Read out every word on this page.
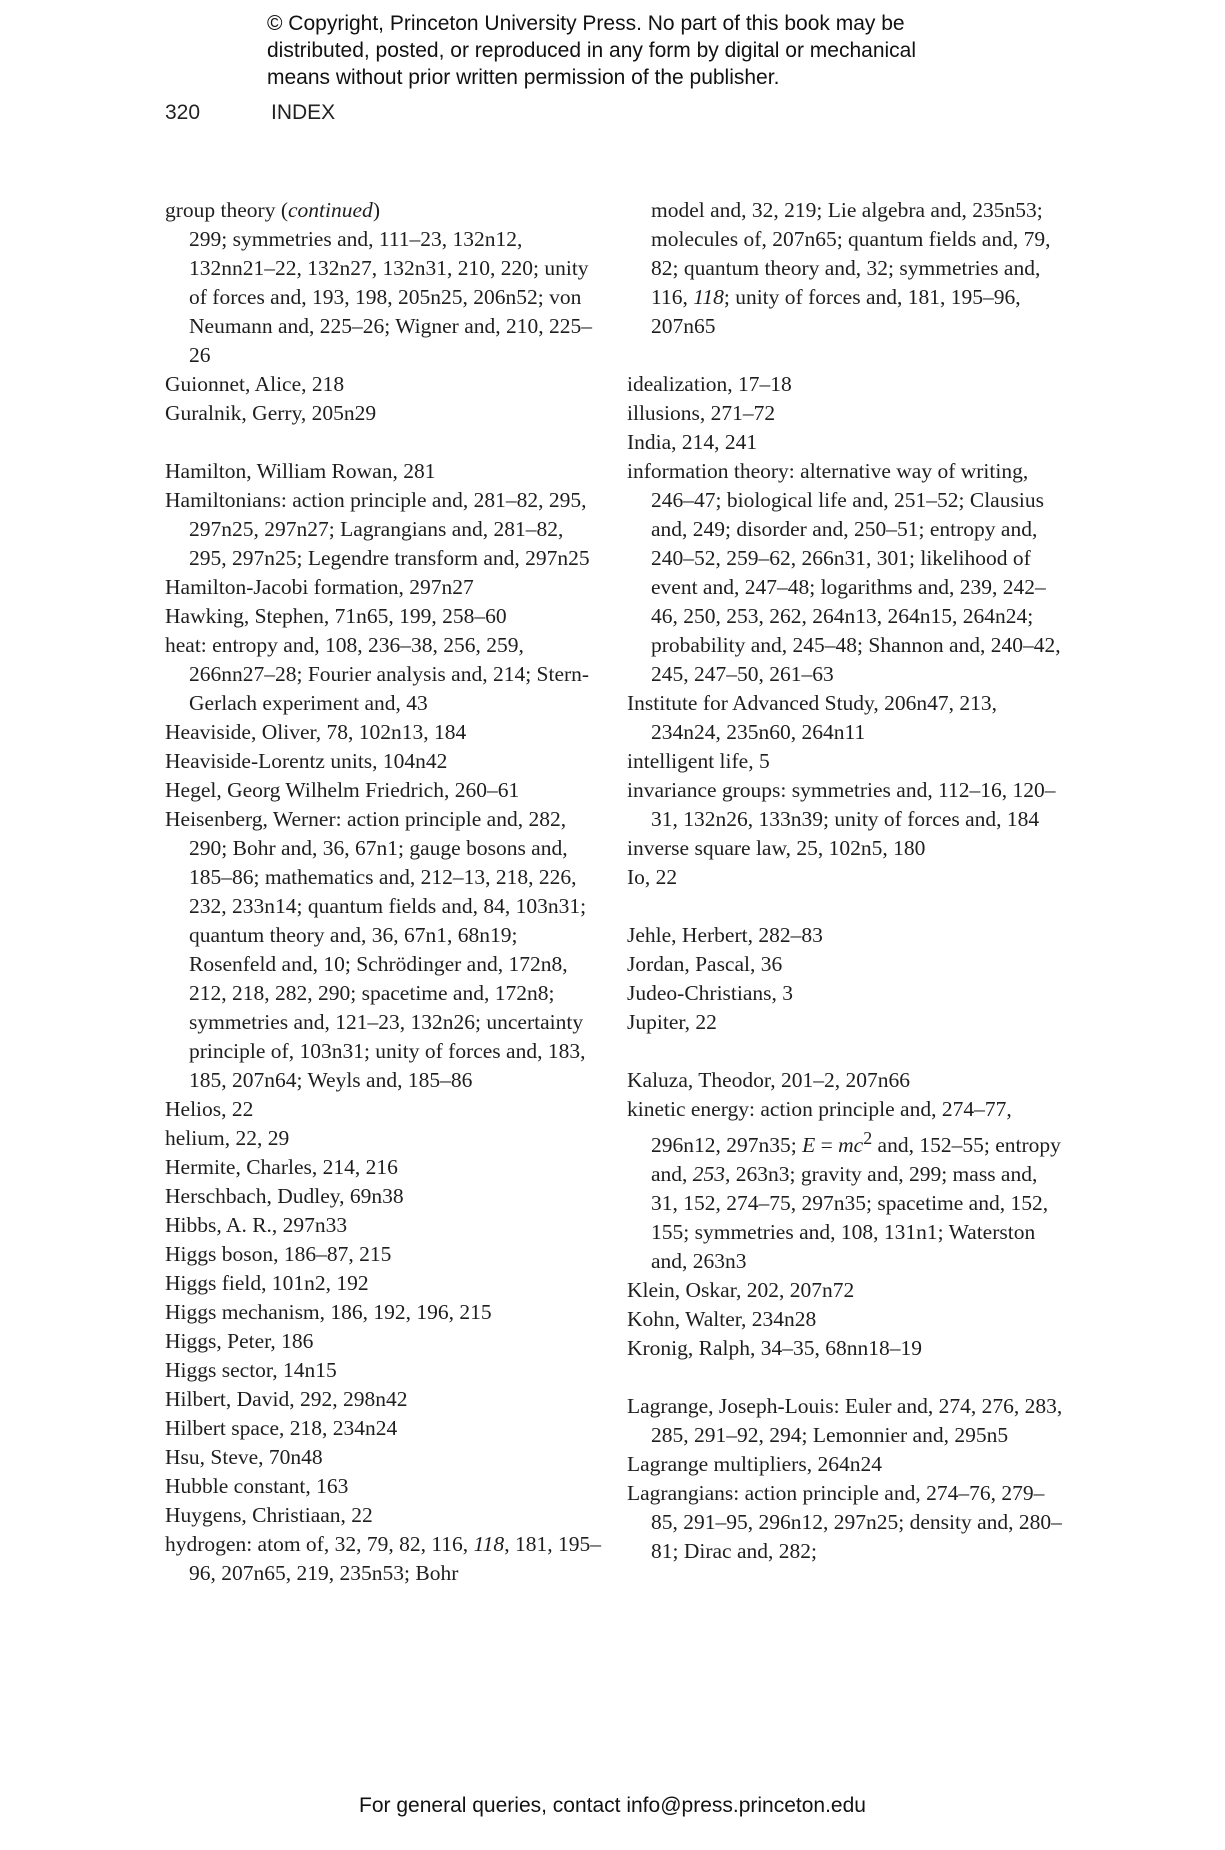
© Copyright, Princeton University Press. No part of this book may be
distributed, posted, or reproduced in any form by digital or mechanical
means without prior written permission of the publisher.
320	INDEX
group theory (continued)
299; symmetries and, 111–23, 132n12, 132nn21–22, 132n27, 132n31, 210, 220; unity of forces and, 193, 198, 205n25, 206n52; von Neumann and, 225–26; Wigner and, 210, 225–26
Guionnet, Alice, 218
Guralnik, Gerry, 205n29
Hamilton, William Rowan, 281
Hamiltonians: action principle and, 281–82, 295, 297n25, 297n27; Lagrangians and, 281–82, 295, 297n25; Legendre transform and, 297n25
Hamilton-Jacobi formation, 297n27
Hawking, Stephen, 71n65, 199, 258–60
heat: entropy and, 108, 236–38, 256, 259, 266nn27–28; Fourier analysis and, 214; Stern-Gerlach experiment and, 43
Heaviside, Oliver, 78, 102n13, 184
Heaviside-Lorentz units, 104n42
Hegel, Georg Wilhelm Friedrich, 260–61
Heisenberg, Werner: action principle and, 282, 290; Bohr and, 36, 67n1; gauge bosons and, 185–86; mathematics and, 212–13, 218, 226, 232, 233n14; quantum fields and, 84, 103n31; quantum theory and, 36, 67n1, 68n19; Rosenfeld and, 10; Schrödinger and, 172n8, 212, 218, 282, 290; spacetime and, 172n8; symmetries and, 121–23, 132n26; uncertainty principle of, 103n31; unity of forces and, 183, 185, 207n64; Weyls and, 185–86
Helios, 22
helium, 22, 29
Hermite, Charles, 214, 216
Herschbach, Dudley, 69n38
Hibbs, A. R., 297n33
Higgs boson, 186–87, 215
Higgs field, 101n2, 192
Higgs mechanism, 186, 192, 196, 215
Higgs, Peter, 186
Higgs sector, 14n15
Hilbert, David, 292, 298n42
Hilbert space, 218, 234n24
Hsu, Steve, 70n48
Hubble constant, 163
Huygens, Christiaan, 22
hydrogen: atom of, 32, 79, 82, 116, 118, 181, 195–96, 207n65, 219, 235n53; Bohr
model and, 32, 219; Lie algebra and, 235n53; molecules of, 207n65; quantum fields and, 79, 82; quantum theory and, 32; symmetries and, 116, 118; unity of forces and, 181, 195–96, 207n65
idealization, 17–18
illusions, 271–72
India, 214, 241
information theory: alternative way of writing, 246–47; biological life and, 251–52; Clausius and, 249; disorder and, 250–51; entropy and, 240–52, 259–62, 266n31, 301; likelihood of event and, 247–48; logarithms and, 239, 242–46, 250, 253, 262, 264n13, 264n15, 264n24; probability and, 245–48; Shannon and, 240–42, 245, 247–50, 261–63
Institute for Advanced Study, 206n47, 213, 234n24, 235n60, 264n11
intelligent life, 5
invariance groups: symmetries and, 112–16, 120–31, 132n26, 133n39; unity of forces and, 184
inverse square law, 25, 102n5, 180
Io, 22
Jehle, Herbert, 282–83
Jordan, Pascal, 36
Judeo-Christians, 3
Jupiter, 22
Kaluza, Theodor, 201–2, 207n66
kinetic energy: action principle and, 274–77, 296n12, 297n35; $E = mc^2$ and, 152–55; entropy and, 253, 263n3; gravity and, 299; mass and, 31, 152, 274–75, 297n35; spacetime and, 152, 155; symmetries and, 108, 131n1; Waterston and, 263n3
Klein, Oskar, 202, 207n72
Kohn, Walter, 234n28
Kronig, Ralph, 34–35, 68nn18–19
Lagrange, Joseph-Louis: Euler and, 274, 276, 283, 285, 291–92, 294; Lemonnier and, 295n5
Lagrange multipliers, 264n24
Lagrangians: action principle and, 274–76, 279–85, 291–95, 296n12, 297n25; density and, 280–81; Dirac and, 282;
For general queries, contact info@press.princeton.edu
